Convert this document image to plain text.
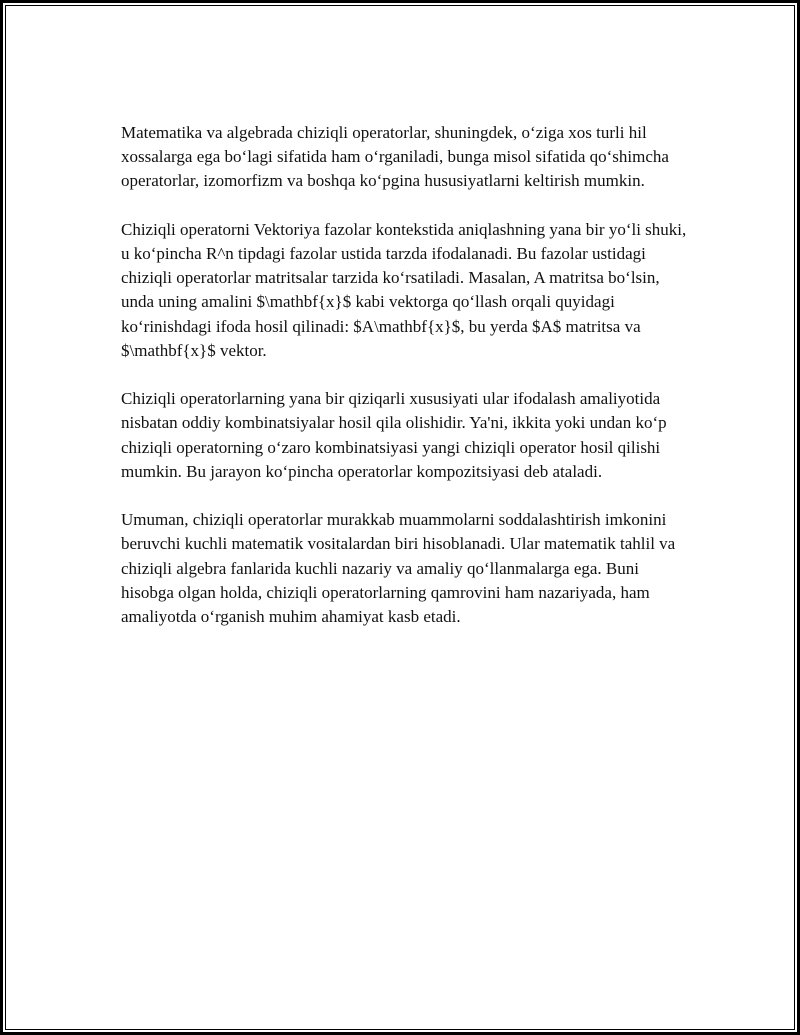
Matematika va algebrada chiziqli operatorlar, shuningdek, o‘ziga xos turli hil xossalarga ega bo‘lagi sifatida ham o‘rganiladi, bunga misol sifatida qo‘shimcha operatorlar, izomorfizm va boshqa ko‘pgina hususiyatlarni keltirish mumkin.

Chiziqli operatorni Vektoriya fazolar kontekstida aniqlashning yana bir yo‘li shuki, u ko‘pincha R^n tipdagi fazolar ustida tarzda ifodalanadi. Bu fazolar ustidagi chiziqli operatorlar matritsalar tarzida ko‘rsatiladi. Masalan, A matritsa bo‘lsin, unda uning amalini $\mathbf{x}$ kabi vektorga qo‘llash orqali quyidagi ko‘rinishdagi ifoda hosil qilinadi: $A\mathbf{x}$, bu yerda $A$ matritsa va $\mathbf{x}$ vektor.

Chiziqli operatorlarning yana bir qiziqarli xususiyati ular ifodalash amaliyotida nisbatan oddiy kombinatsiyalar hosil qila olishidir. Ya'ni, ikkita yoki undan ko‘p chiziqli operatorning o‘zaro kombinatsiyasi yangi chiziqli operator hosil qilishi mumkin. Bu jarayon ko‘pincha operatorlar kompozitsiyasi deb ataladi.

Umuman, chiziqli operatorlar murakkab muammolarni soddalashtirish imkonini beruvchi kuchli matematik vositalardan biri hisoblanadi. Ular matematik tahlil va chiziqli algebra fanlarida kuchli nazariy va amaliy qo‘llanmalarga ega. Buni hisobga olgan holda, chiziqli operatorlarning qamrovini ham nazariyada, ham amaliyotda o‘rganish muhim ahamiyat kasb etadi.
